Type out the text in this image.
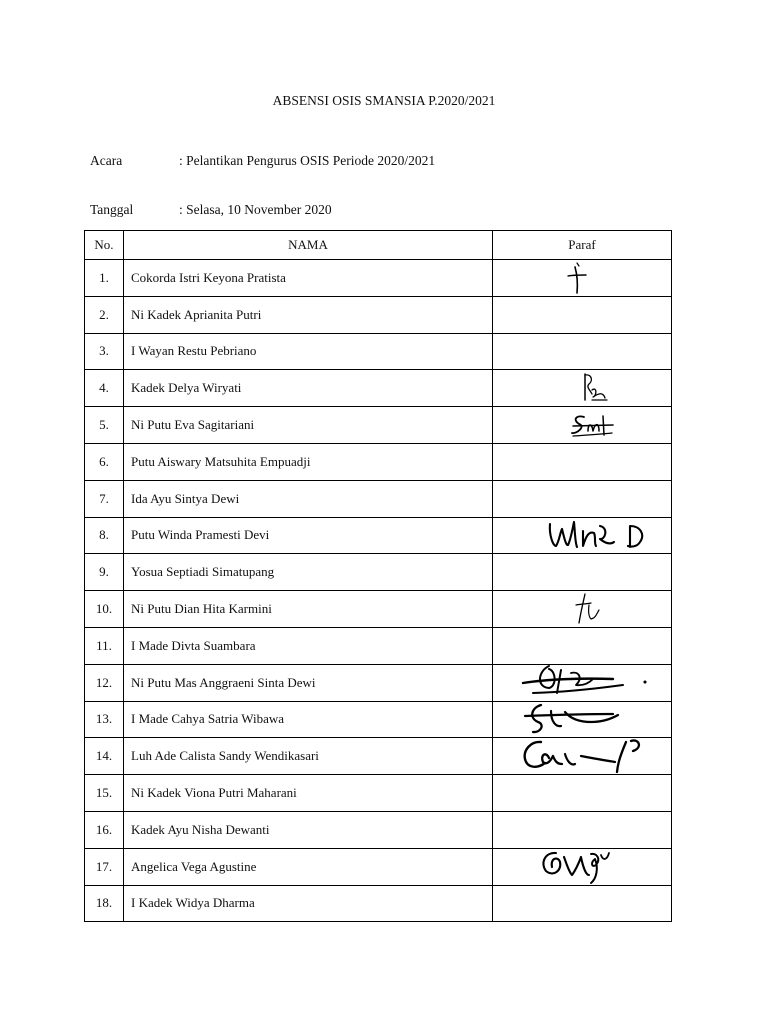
ABSENSI OSIS SMANSIA P.2020/2021
Acara	: Pelantikan Pengurus OSIS Periode 2020/2021
Tanggal	: Selasa, 10 November 2020
No.	NAMA	Paraf
1.	Cokorda Istri Keyona Pratista	

2.	Ni Kadek Aprianita Putri	
3.	I Wayan Restu Pebriano	
4.	Kadek Delya Wiryati	

5.	Ni Putu Eva Sagitariani	

6.	Putu Aiswary Matsuhita Empuadji	
7.	Ida Ayu Sintya Dewi	
8.	Putu Winda Pramesti Devi	

9.	Yosua Septiadi Simatupang	
10.	Ni Putu Dian Hita Karmini	

11.	I Made Divta Suambara	
12.	Ni Putu Mas Anggraeni Sinta Dewi	

13.	I Made Cahya Satria Wibawa	

14.	Luh Ade Calista Sandy Wendikasari	

15.	Ni Kadek Viona Putri Maharani	
16.	Kadek Ayu Nisha Dewanti	
17.	Angelica Vega Agustine	

18.	I Kadek Widya Dharma	
